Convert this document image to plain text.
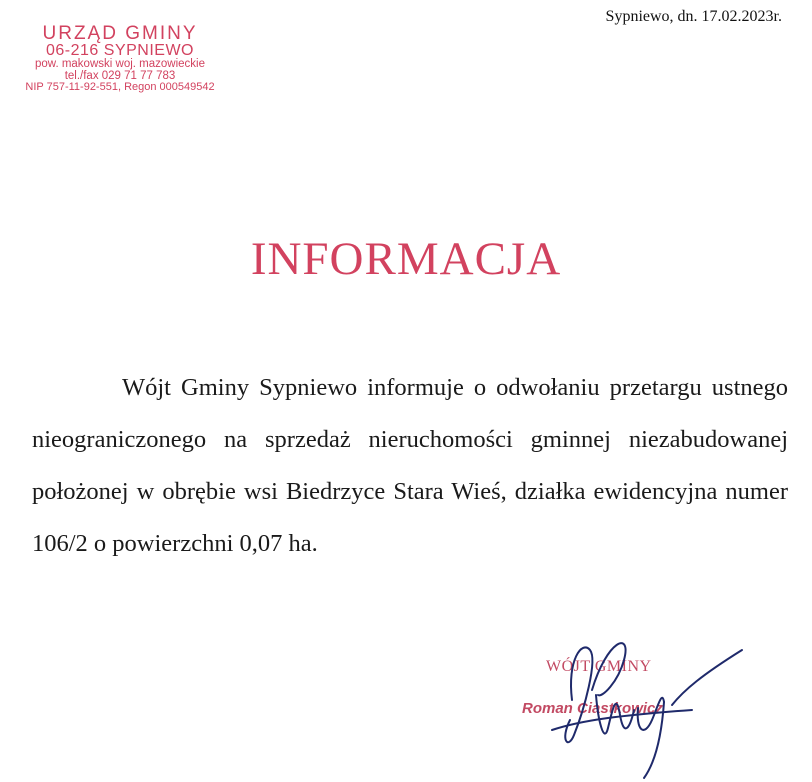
URZĄD GMINY
06-216 SYPNIEWO
pow. makowski woj. mazowieckie
tel./fax 029 71 77 783
NIP 757-11-92-551, Regon 000549542
Sypniewo, dn. 17.02.2023r.
INFORMACJA

Wójt Gminy Sypniewo informuje o odwołaniu przetargu ustnego nieograniczonego na sprzedaż nieruchomości gminnej niezabudowanej położonej w obrębie wsi Biedrzyce Stara Wieś, działka ewidencyjna numer 106/2 o powierzchni 0,07 ha.

WÓJT GMINY
Roman Ciastkowicz
